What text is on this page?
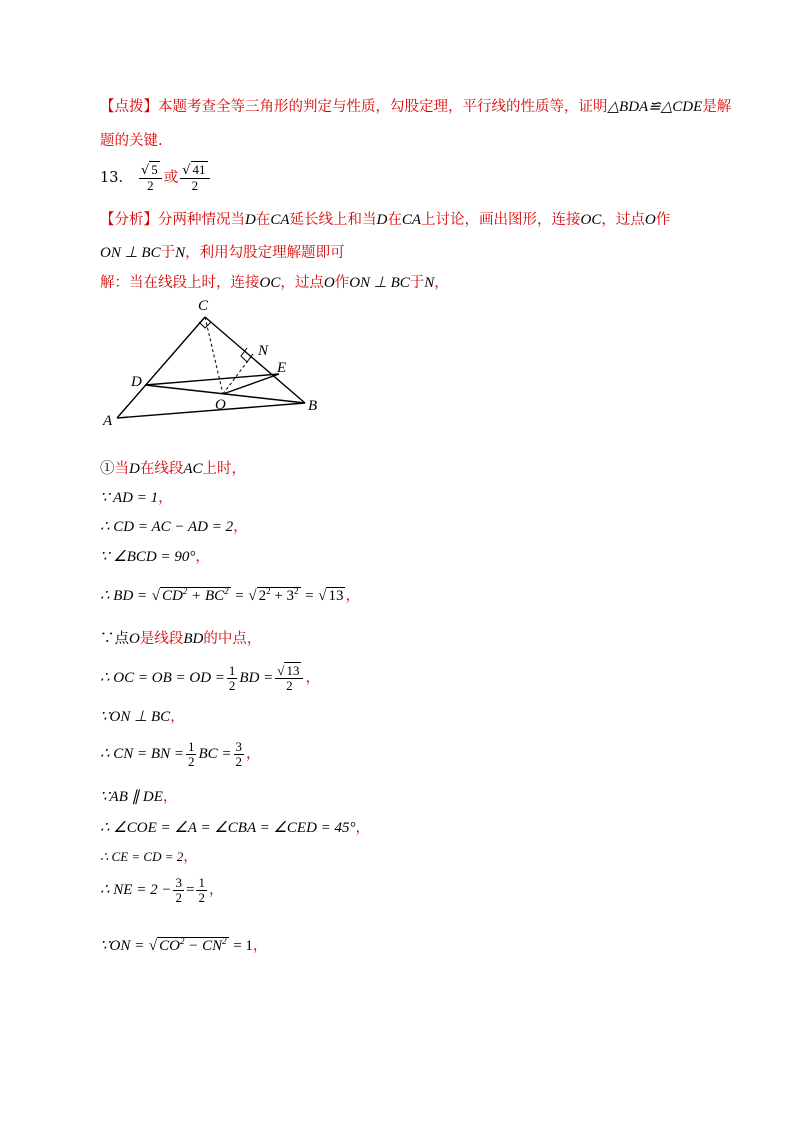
【点拨】本题考查全等三角形的判定与性质，勾股定理，平行线的性质等，证明△BDA≌△CDE是解
题的关键.
13． $\frac{√ 5}{2}$ 或 $\frac{√ 41}{2}$
【分析】分两种情况当D在CA延长线上和当D在CA上讨论，画出图形，连接OC，过点O作
ON ⊥ BC于N，利用勾股定理解题即可
解：当在线段上时，连接OC，过点O作ON ⊥ BC于N，
C
N
E
D
O	B
A
①当D在线段AC上时，
∵ AD = 1，
∴ CD = AC − AD = 2，
∵ ∠BCD = 90°，
∴ BD = √ $CD^2 + BC^2$ = √ $2^2 + 3^2$ = √ 13 ，
∵点O是线段BD的中点，
∴ OC = OB = OD = $\frac{1}{2}$ BD = $\frac{√ 13}{2}$ ，
∵ON ⊥ BC，
∴ CN = BN = $\frac{1}{2}$ BC = $\frac{3}{2}$ ，
∵AB ∥ DE，
∴ ∠COE = ∠A = ∠CBA = ∠CED = 45°，
∴ CE = CD = 2，
∴ NE = $2 - \frac{3}{2} = \frac{1}{2}$ ，
∵ON = √ $CO^2 - CN^2 = 1$，
